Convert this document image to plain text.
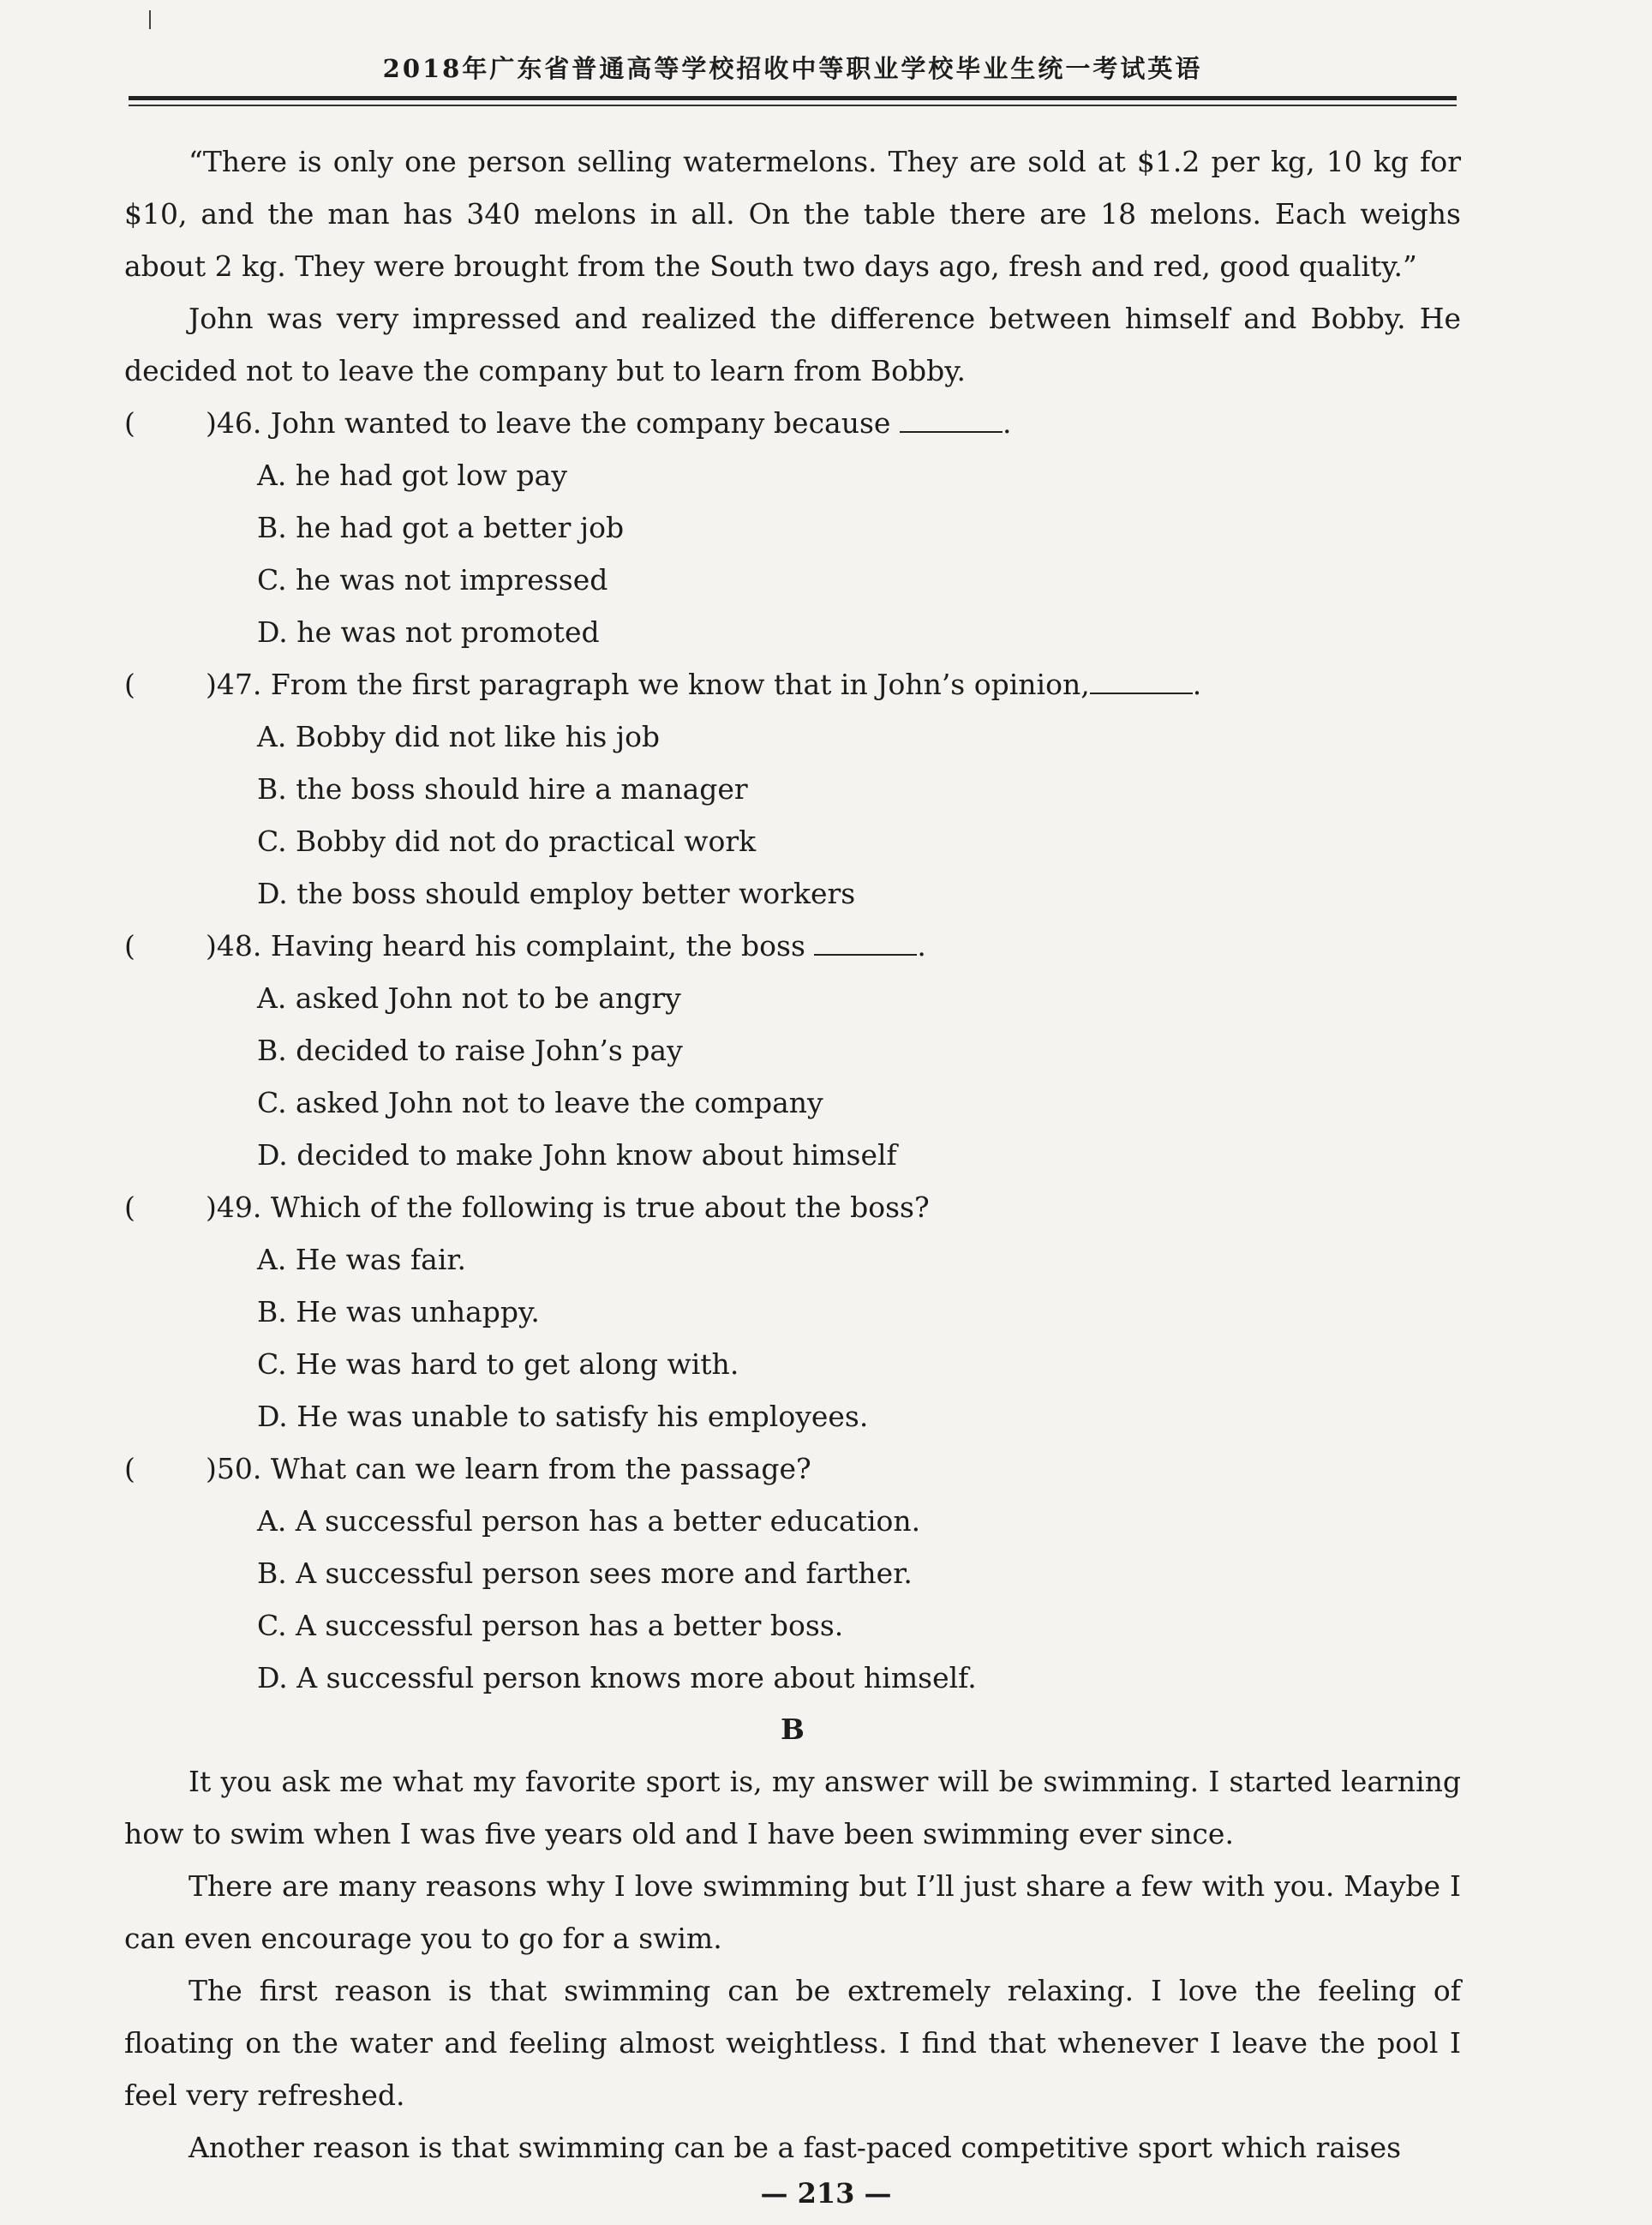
2018年广东省普通高等学校招收中等职业学校毕业生统一考试英语

“There is only one person selling watermelons. They are sold at $1.2 per kg, 10 kg for $10, and the man has 340 melons in all. On the table there are 18 melons. Each weighs about 2 kg. They were brought from the South two days ago, fresh and red, good quality.”

John was very impressed and realized the difference between himself and Bobby. He decided not to leave the company but to learn from Bobby.

( )46. John wanted to leave the company because	.

A. he had got low pay

B. he had got a better job

C. he was not impressed

D. he was not promoted

( )47. From the first paragraph we know that in John’s opinion,	.

A. Bobby did not like his job

B. the boss should hire a manager

C. Bobby did not do practical work

D. the boss should employ better workers

( )48. Having heard his complaint, the boss	.

A. asked John not to be angry

B. decided to raise John’s pay

C. asked John not to leave the company

D. decided to make John know about himself

( )49. Which of the following is true about the boss?

A. He was fair.

B. He was unhappy.

C. He was hard to get along with.

D. He was unable to satisfy his employees.

( )50. What can we learn from the passage?

A. A successful person has a better education.

B. A successful person sees more and farther.

C. A successful person has a better boss.

D. A successful person knows more about himself.

B

It you ask me what my favorite sport is, my answer will be swimming. I started learning how to swim when I was five years old and I have been swimming ever since.

There are many reasons why I love swimming but I’ll just share a few with you. Maybe I can even encourage you to go for a swim.

The first reason is that swimming can be extremely relaxing. I love the feeling of floating on the water and feeling almost weightless. I find that whenever I leave the pool I feel very refreshed.

Another reason is that swimming can be a fast-paced competitive sport which raises

— 213 —
